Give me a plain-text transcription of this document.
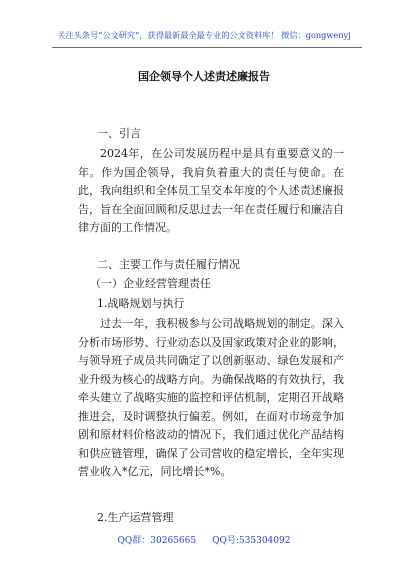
关注头条号“公文研究”，获得最新最全最专业的公文资料库！ 微信：gongwenyj
国企领导个人述责述廉报告
一、引言
2024年，在公司发展历程中是具有重要意义的一年。作为国企领导，我肩负着重大的责任与使命。在此，我向组织和全体员工呈交本年度的个人述责述廉报告，旨在全面回顾和反思过去一年在责任履行和廉洁自律方面的工作情况。
二、主要工作与责任履行情况
（一）企业经营管理责任
1.战略规划与执行
过去一年，我积极参与公司战略规划的制定。深入分析市场形势、行业动态以及国家政策对企业的影响，与领导班子成员共同确定了以创新驱动、绿色发展和产业升级为核心的战略方向。为确保战略的有效执行，我牵头建立了战略实施的监控和评估机制，定期召开战略推进会，及时调整执行偏差。例如，在面对市场竞争加剧和原材料价格波动的情况下，我们通过优化产品结构和供应链管理，确保了公司营收的稳定增长，全年实现营业收入*亿元，同比增长*%。
2.生产运营管理
QQ群：30265665 QQ号:535304092
